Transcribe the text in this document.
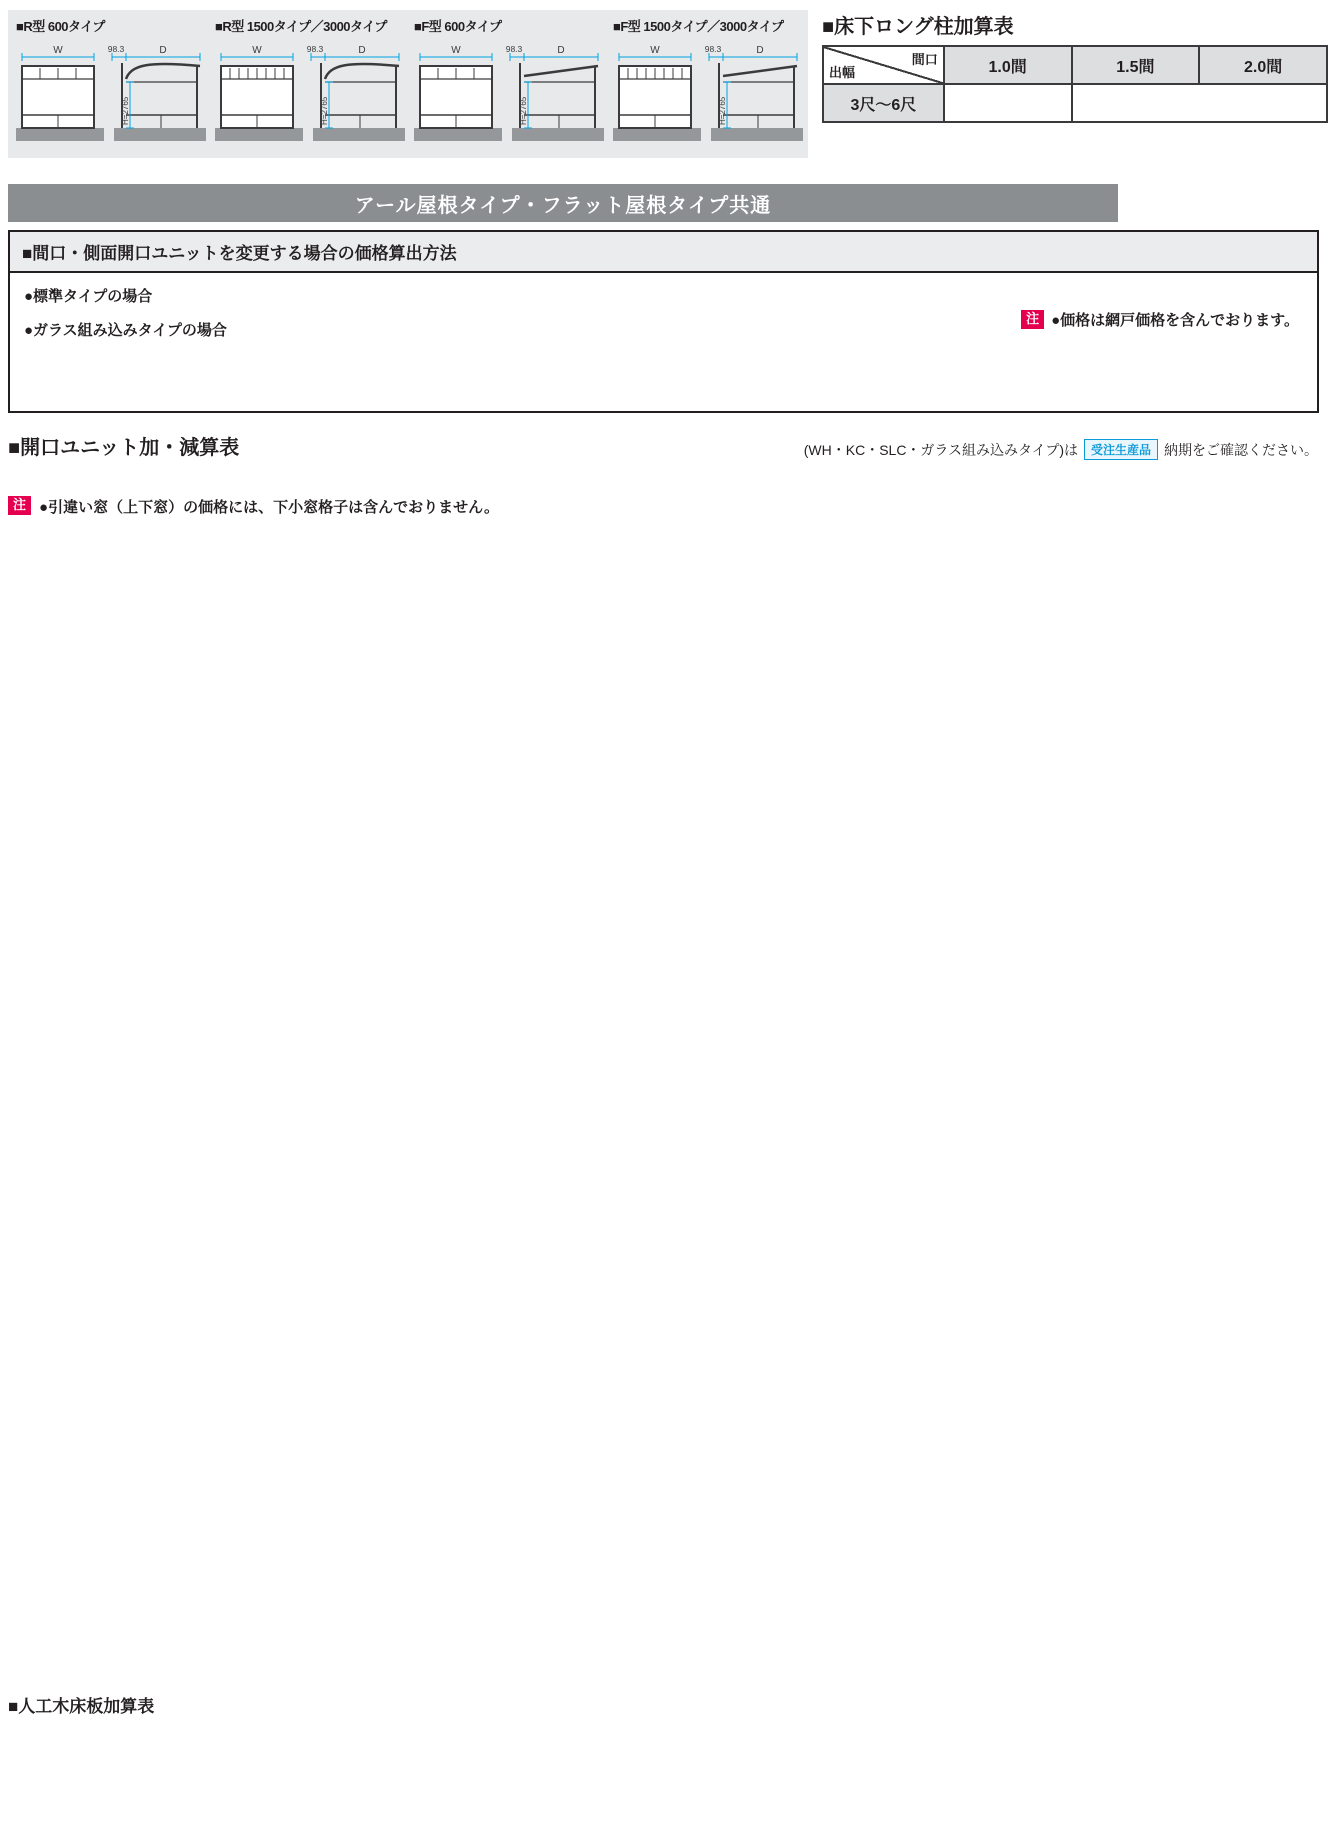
■R型 600タイプ
W	98.3	D
H=2765
■R型 1500タイプ／3000タイプ
W	98.3	D
H=2765
■F型 600タイプ
W	98.3	D
H=2765
■F型 1500タイプ／3000タイプ
W	98.3	D
H=2765
■床下ロング柱加算表
間口
出幅	1.0間	1.5間	2.0間
3尺～6尺			
アール屋根タイプ・フラット屋根タイプ共通
■間口・側面開口ユニットを変更する場合の価格算出方法
●標準タイプの場合
●ガラス組み込みタイプの場合
注 ●価格は網戸価格を含んでおります。
■開口ユニット加・減算表	(WH・KC・SLC・ガラス組み込みタイプ)は	受注生産品 納期をご確認ください。
注 ●引違い窓（上下窓）の価格には、下小窓格子は含んでおりません。
■人工木床板加算表
